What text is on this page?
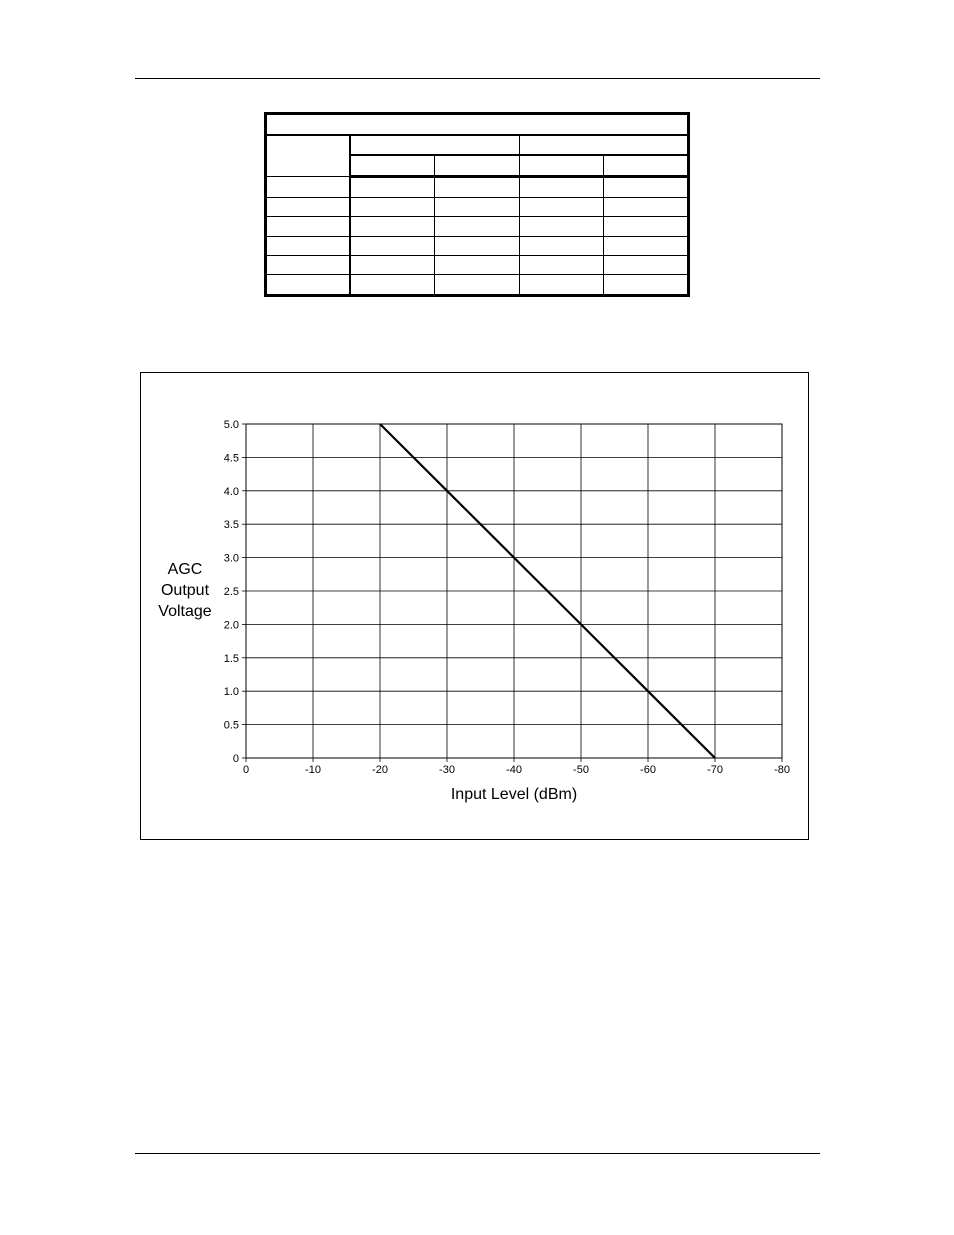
0	-10	-20	-30	-40	-50	-60	-70	-80
0
0.5
1.0
1.5
2.0
2.5
3.0
3.5
4.0
4.5
5.0
AGC
Output
Voltage
Input Level (dBm)
